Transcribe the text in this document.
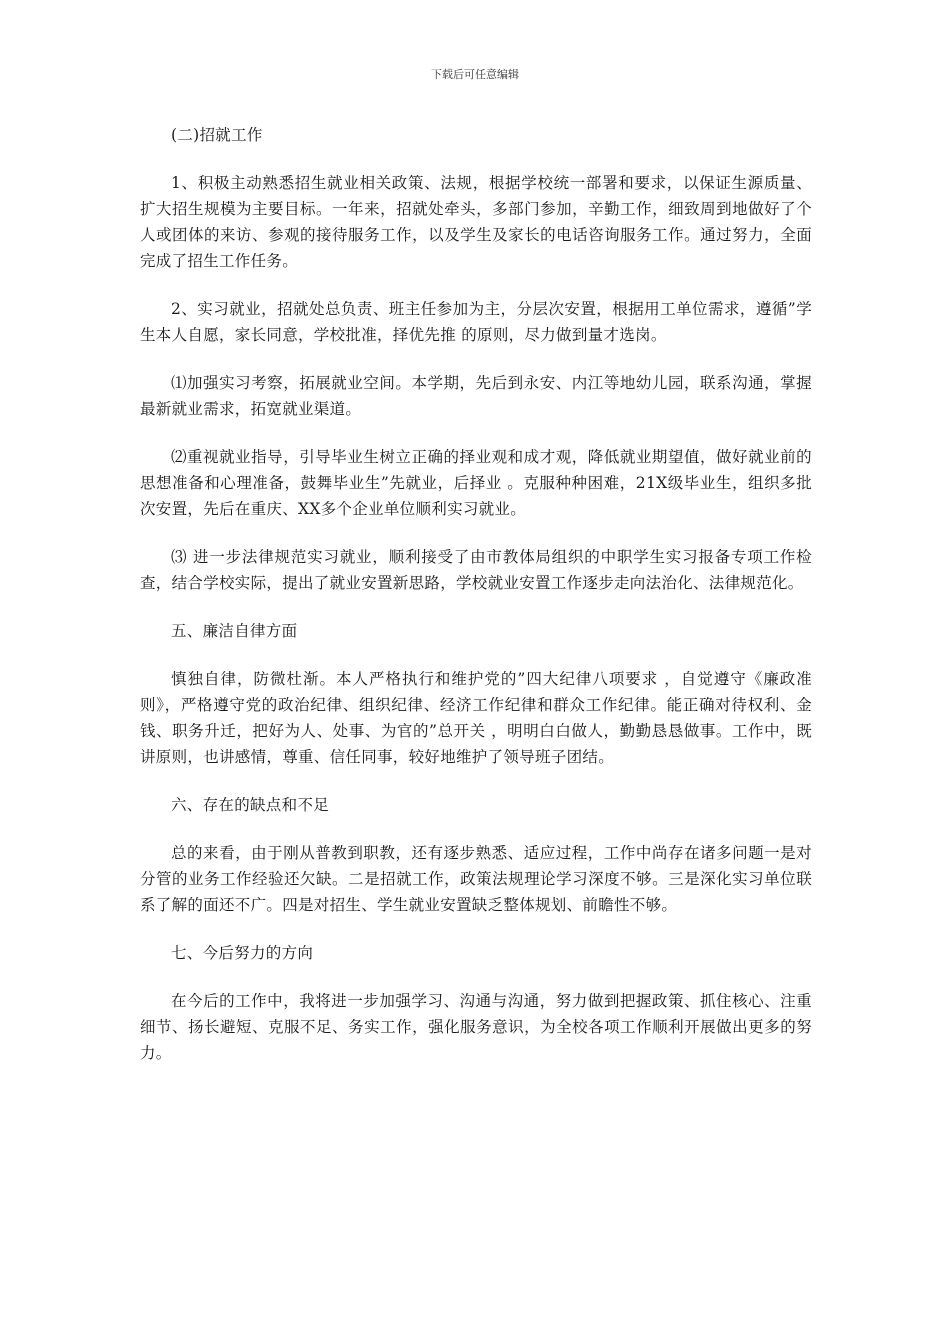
下载后可任意编辑

(二)招就工作

1、积极主动熟悉招生就业相关政策、法规，根据学校统一部署和要求，以保证生源质量、扩大招生规模为主要目标。一年来，招就处牵头，多部门参加，辛勤工作，细致周到地做好了个人或团体的来访、参观的接待服务工作，以及学生及家长的电话咨询服务工作。通过努力，全面完成了招生工作任务。

2、实习就业，招就处总负责、班主任参加为主，分层次安置，根据用工单位需求，遵循”学生本人自愿，家长同意，学校批准，择优先推 的原则，尽力做到量才选岗。

⑴加强实习考察，拓展就业空间。本学期，先后到永安、内江等地幼儿园，联系沟通，掌握最新就业需求，拓宽就业渠道。

⑵重视就业指导，引导毕业生树立正确的择业观和成才观，降低就业期望值，做好就业前的思想准备和心理准备，鼓舞毕业生”先就业，后择业 。克服种种困难，21X级毕业生，组织多批次安置，先后在重庆、XX多个企业单位顺利实习就业。

⑶ 进一步法律规范实习就业，顺利接受了由市教体局组织的中职学生实习报备专项工作检查，结合学校实际，提出了就业安置新思路，学校就业安置工作逐步走向法治化、法律规范化。

五、廉洁自律方面

慎独自律，防微杜渐。本人严格执行和维护党的”四大纪律八项要求 ，自觉遵守《廉政准则》，严格遵守党的政治纪律、组织纪律、经济工作纪律和群众工作纪律。能正确对待权利、金钱、职务升迁，把好为人、处事、为官的”总开关 ，明明白白做人，勤勤恳恳做事。工作中，既讲原则，也讲感情，尊重、信任同事，较好地维护了领导班子团结。

六、存在的缺点和不足

总的来看，由于刚从普教到职教，还有逐步熟悉、适应过程，工作中尚存在诸多问题一是对分管的业务工作经验还欠缺。二是招就工作，政策法规理论学习深度不够。三是深化实习单位联系了解的面还不广。四是对招生、学生就业安置缺乏整体规划、前瞻性不够。

七、今后努力的方向

在今后的工作中，我将进一步加强学习、沟通与沟通，努力做到把握政策、抓住核心、注重细节、扬长避短、克服不足、务实工作，强化服务意识，为全校各项工作顺利开展做出更多的努力。
